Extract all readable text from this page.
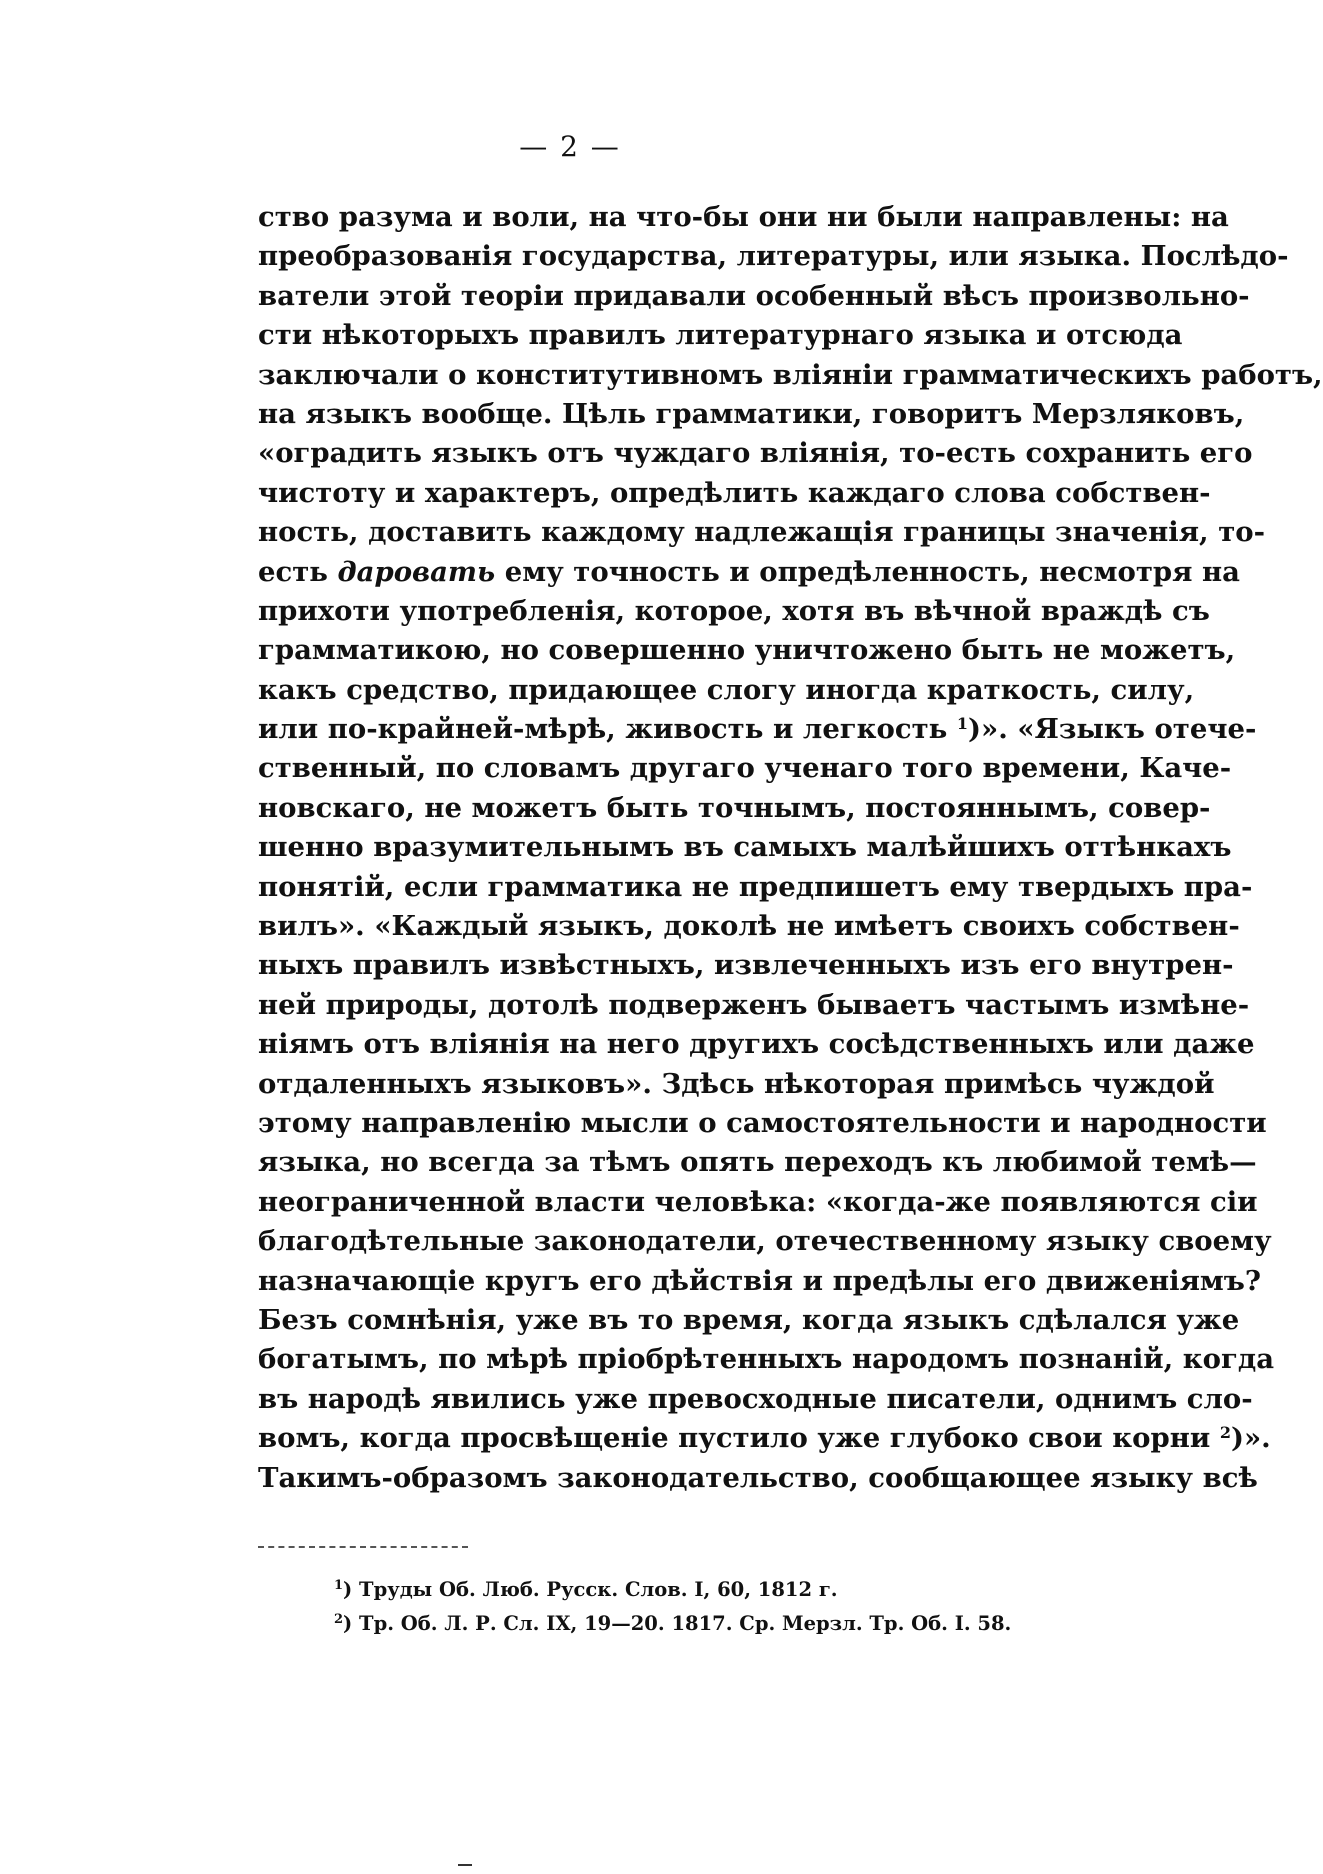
— 2 —
ство разума и воли, на что-бы они ни были направлены: на
преобразованія государства, литературы, или языка. Послѣдо-
ватели этой теоріи придавали особенный вѣсъ произвольно-
сти нѣкоторыхъ правилъ литературнаго языка и отсюда
заключали о конститутивномъ вліяніи грамматическихъ работъ,
на языкъ вообще. Цѣль грамматики, говоритъ Мерзляковъ,
«оградить языкъ отъ чуждаго вліянія, то-есть сохранить его
чистоту и характеръ, опредѣлить каждаго слова собствен-
ность, доставить каждому надлежащія границы значенія, то-
есть даровать ему точность и опредѣленность, несмотря на
прихоти употребленія, которое, хотя въ вѣчной враждѣ съ
грамматикою, но совершенно уничтожено быть не можетъ,
какъ средство, придающее слогу иногда краткость, силу,
или по-крайней-мѣрѣ, живость и легкость $^1$)». «Языкъ отече-
ственный, по словамъ другаго ученаго того времени, Каче-
новскаго, не можетъ быть точнымъ, постояннымъ, совер-
шенно вразумительнымъ въ самыхъ малѣйшихъ оттѣнкахъ
понятій, если грамматика не предпишетъ ему твердыхъ пра-
вилъ». «Каждый языкъ, доколѣ не имѣетъ своихъ собствен-
ныхъ правилъ извѣстныхъ, извлеченныхъ изъ его внутрен-
ней природы, дотолѣ подверженъ бываетъ частымъ измѣне-
ніямъ отъ вліянія на него другихъ сосѣдственныхъ или даже
отдаленныхъ языковъ». Здѣсь нѣкоторая примѣсь чуждой
этому направленію мысли о самостоятельности и народности
языка, но всегда за тѣмъ опять переходъ къ любимой темѣ—
неограниченной власти человѣка: «когда-же появляются сіи
благодѣтельные законодатели, отечественному языку своему
назначающіе кругъ его дѣйствія и предѣлы его движеніямъ?
Безъ сомнѣнія, уже въ то время, когда языкъ сдѣлался уже
богатымъ, по мѣрѣ пріобрѣтенныхъ народомъ познаній, когда
въ народѣ явились уже превосходные писатели, однимъ сло-
вомъ, когда просвѣщеніе пустило уже глубоко свои корни $^2$)».
Такимъ-образомъ законодательство, сообщающее языку всѣ
$^1$) Труды Об. Люб. Русск. Слов. I, 60, 1812 г.
$^2$) Тр. Об. Л. Р. Сл. IX, 19—20. 1817. Ср. Мерзл. Тр. Об. I. 58.
